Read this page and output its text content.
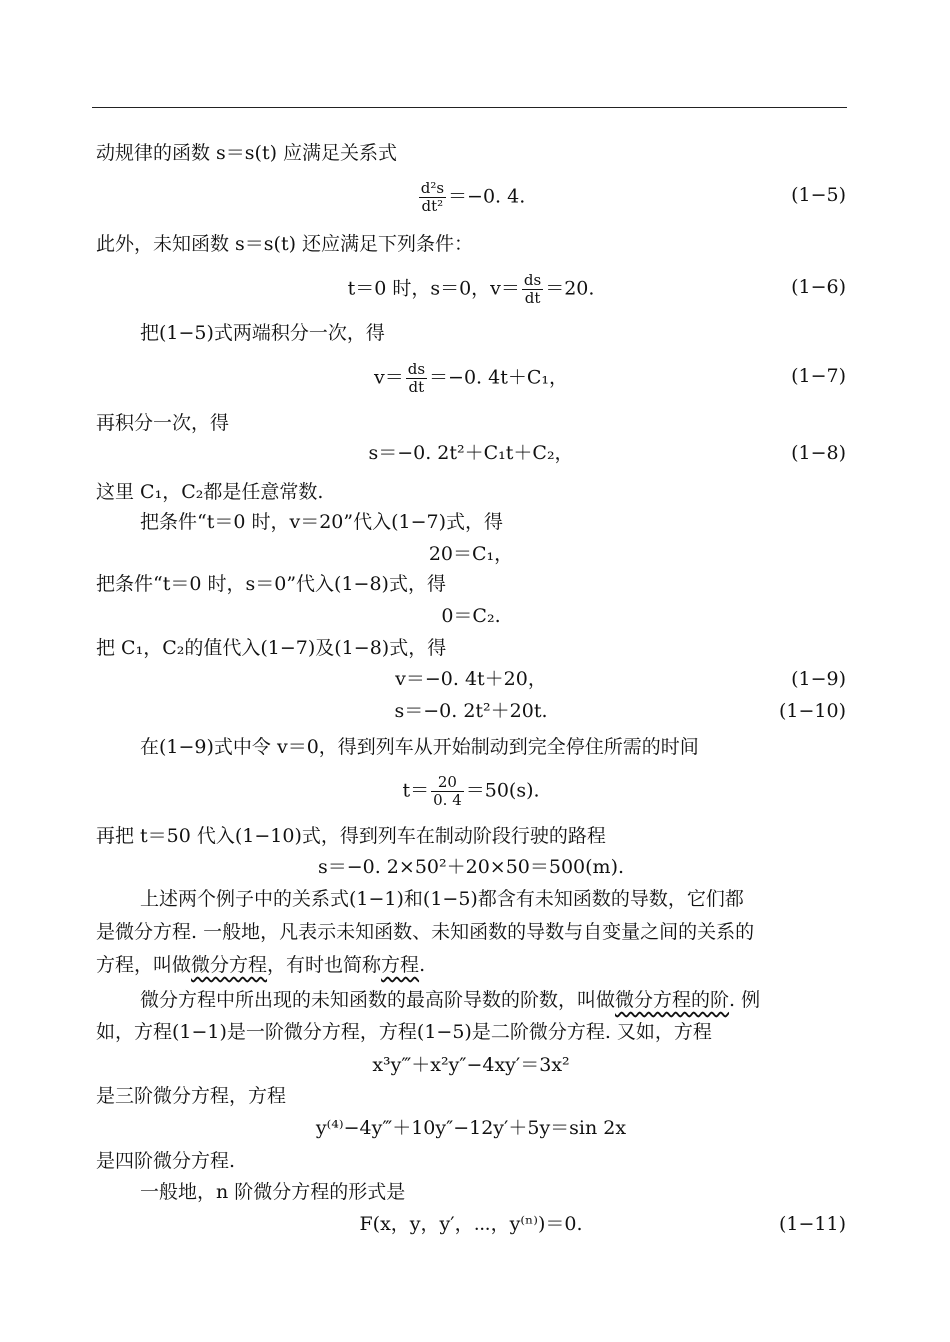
动规律的函数 s＝s(t) 应满足关系式
$\frac{\text{d²s}}{\text{dt²}} =-0$. 4.	(1−5)
此外，未知函数 s＝s(t) 还应满足下列条件：
t＝0 时，s＝0，$v= \frac{ds}{dt} =20$.	(1−6)
把(1−5)式两端积分一次，得
$v= \frac{ds}{dt} =-0$. 4t＋C₁，	(1−7)
再积分一次，得
s＝−0. 2t²＋C₁t＋C₂，	(1−8)
这里 C₁，C₂都是任意常数.
把条件“t＝0 时，v＝20”代入(1−7)式，得
20＝C₁，
把条件“t＝0 时，s＝0”代入(1−8)式，得
0＝C₂.
把 C₁，C₂的值代入(1−7)及(1−8)式，得
v＝−0. 4t＋20，	(1−9)
s＝−0. 2t²＋20t.	(1−10)
在(1−9)式中令 v＝0，得到列车从开始制动到完全停住所需的时间
$t= \frac{20}{0. 4} =50(s)$.
再把 t＝50 代入(1−10)式，得到列车在制动阶段行驶的路程
s＝−0. 2×50²＋20×50＝500(m).
上述两个例子中的关系式(1−1)和(1−5)都含有未知函数的导数，它们都
是微分方程. 一般地，凡表示未知函数、未知函数的导数与自变量之间的关系的
方程，叫做微分方程，有时也简称方程.
微分方程中所出现的未知函数的最高阶导数的阶数，叫做微分方程的阶. 例
如，方程(1−1)是一阶微分方程，方程(1−5)是二阶微分方程. 又如，方程
x³y‴＋x²y″−4xy′＝3x²
是三阶微分方程，方程
y⁽⁴⁾−4y‴＋10y″−12y′＋5y＝sin 2x
是四阶微分方程.
一般地，n 阶微分方程的形式是
F(x，y，y′，⋯，y⁽ⁿ⁾)＝0.	(1−11)
